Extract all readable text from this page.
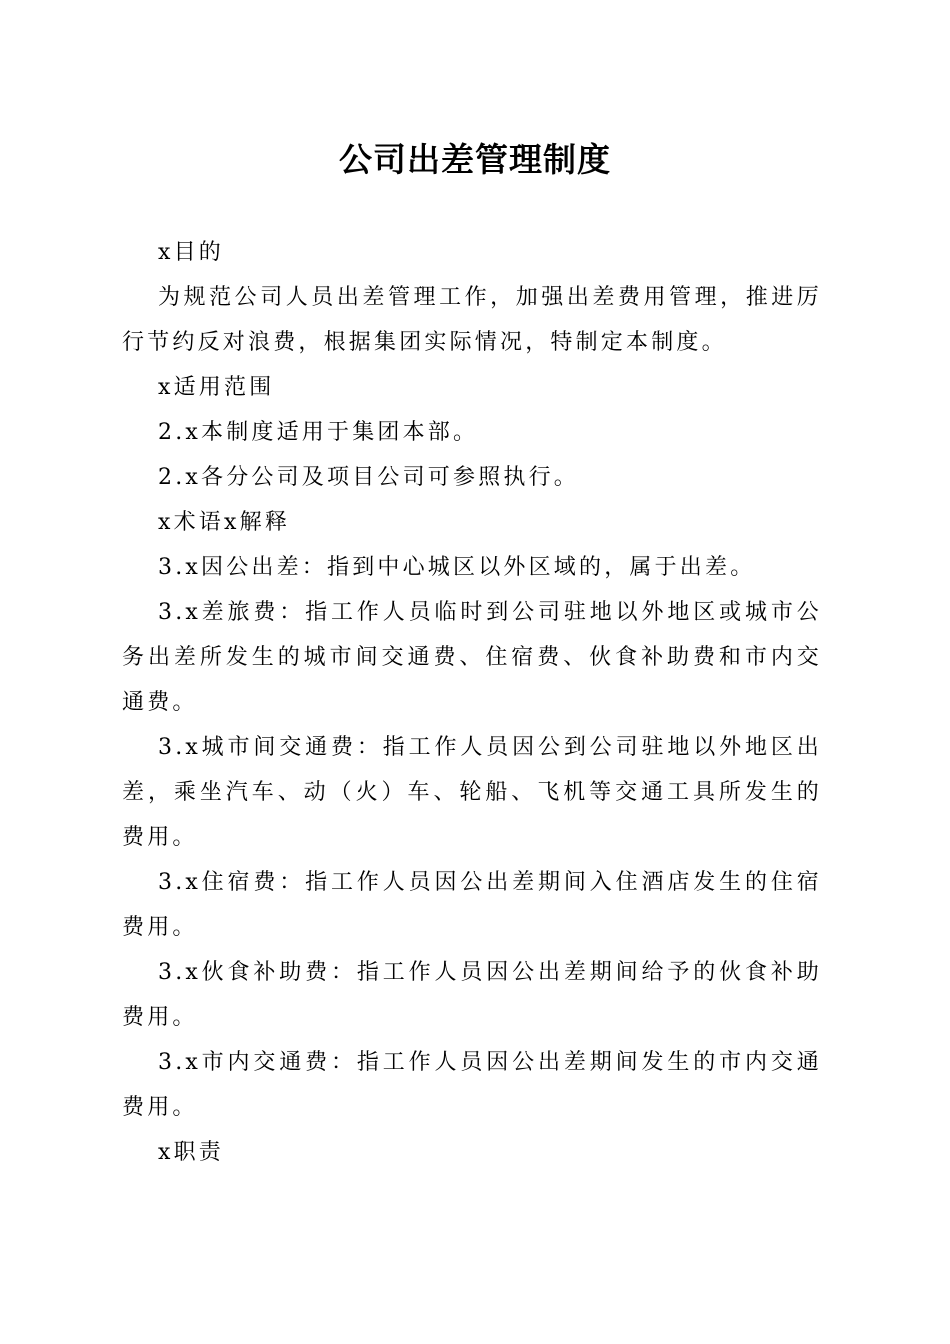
公司出差管理制度

x目的

为规范公司人员出差管理工作，加强出差费用管理，推进厉行节约反对浪费，根据集团实际情况，特制定本制度。

x适用范围

2.x本制度适用于集团本部。

2.x各分公司及项目公司可参照执行。

x术语x解释

3.x因公出差：指到中心城区以外区域的，属于出差。

3.x差旅费：指工作人员临时到公司驻地以外地区或城市公务出差所发生的城市间交通费、住宿费、伙食补助费和市内交通费。

3.x城市间交通费：指工作人员因公到公司驻地以外地区出差，乘坐汽车、动（火）车、轮船、飞机等交通工具所发生的费用。

3.x住宿费：指工作人员因公出差期间入住酒店发生的住宿费用。

3.x伙食补助费：指工作人员因公出差期间给予的伙食补助费用。

3.x市内交通费：指工作人员因公出差期间发生的市内交通费用。

x职责
